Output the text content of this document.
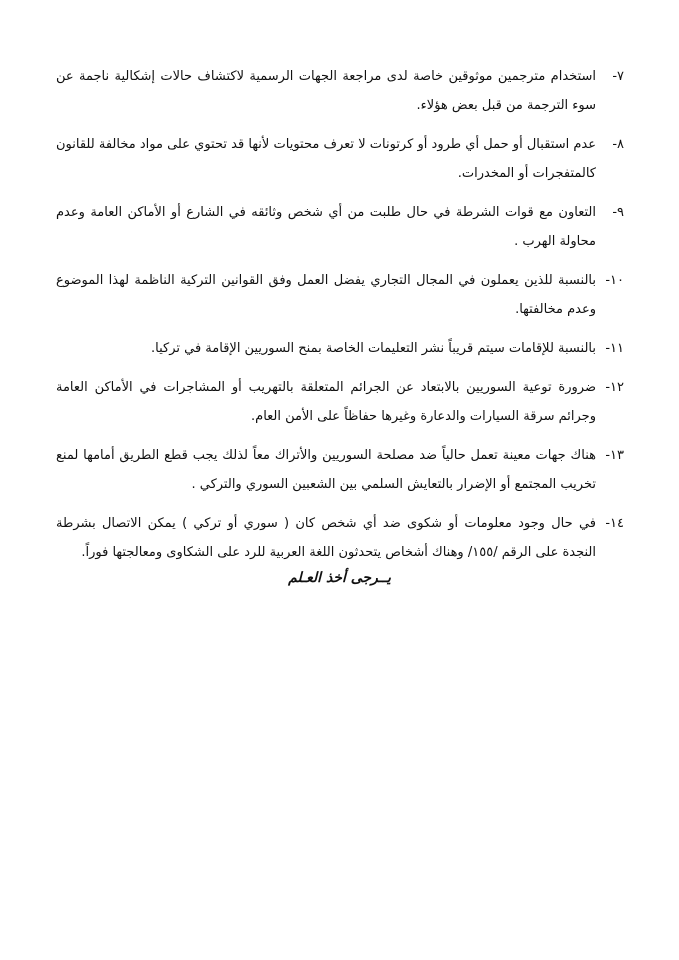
٧-
استخدام مترجمين موثوقين خاصة لدى مراجعة الجهات الرسمية لاكتشاف حالات إشكالية ناجمة عن سوء الترجمة من قبل بعض هؤلاء.
٨-
عدم استقبال أو حمل أي طرود أو كرتونات لا تعرف محتويات لأنها قد تحتوي على مواد مخالفة للقانون كالمتفجرات أو المخدرات.
٩-
التعاون مع قوات الشرطة في حال طلبت من أي شخص وثائقه في الشارع أو الأماكن العامة وعدم محاولة الهرب .
١٠-
بالنسبة للذين يعملون في المجال التجاري يفضل العمل وفق القوانين التركية الناظمة لهذا الموضوع وعدم مخالفتها.
١١-
بالنسبة للإقامات سيتم قريباً نشر التعليمات الخاصة بمنح السوريين الإقامة في تركيا.
١٢-
ضرورة توعية السوريين بالابتعاد عن الجرائم المتعلقة بالتهريب أو المشاجرات في الأماكن العامة وجرائم سرقة السيارات والدعارة وغيرها حفاظاً على الأمن العام.
١٣-
هناك جهات معينة تعمل حالياً ضد مصلحة السوريين والأتراك معاً لذلك يجب قطع الطريق أمامها لمنع تخريب المجتمع أو الإضرار بالتعايش السلمي بين الشعبين السوري والتركي .
١٤-
في حال وجود معلومات أو شكوى ضد أي شخص كان ( سوري أو تركي ) يمكن الاتصال بشرطة النجدة على الرقم /١٥٥/ وهناك أشخاص يتحدثون اللغة العربية للرد على الشكاوى ومعالجتها فوراً.
يــرجى أخذ العـلم
